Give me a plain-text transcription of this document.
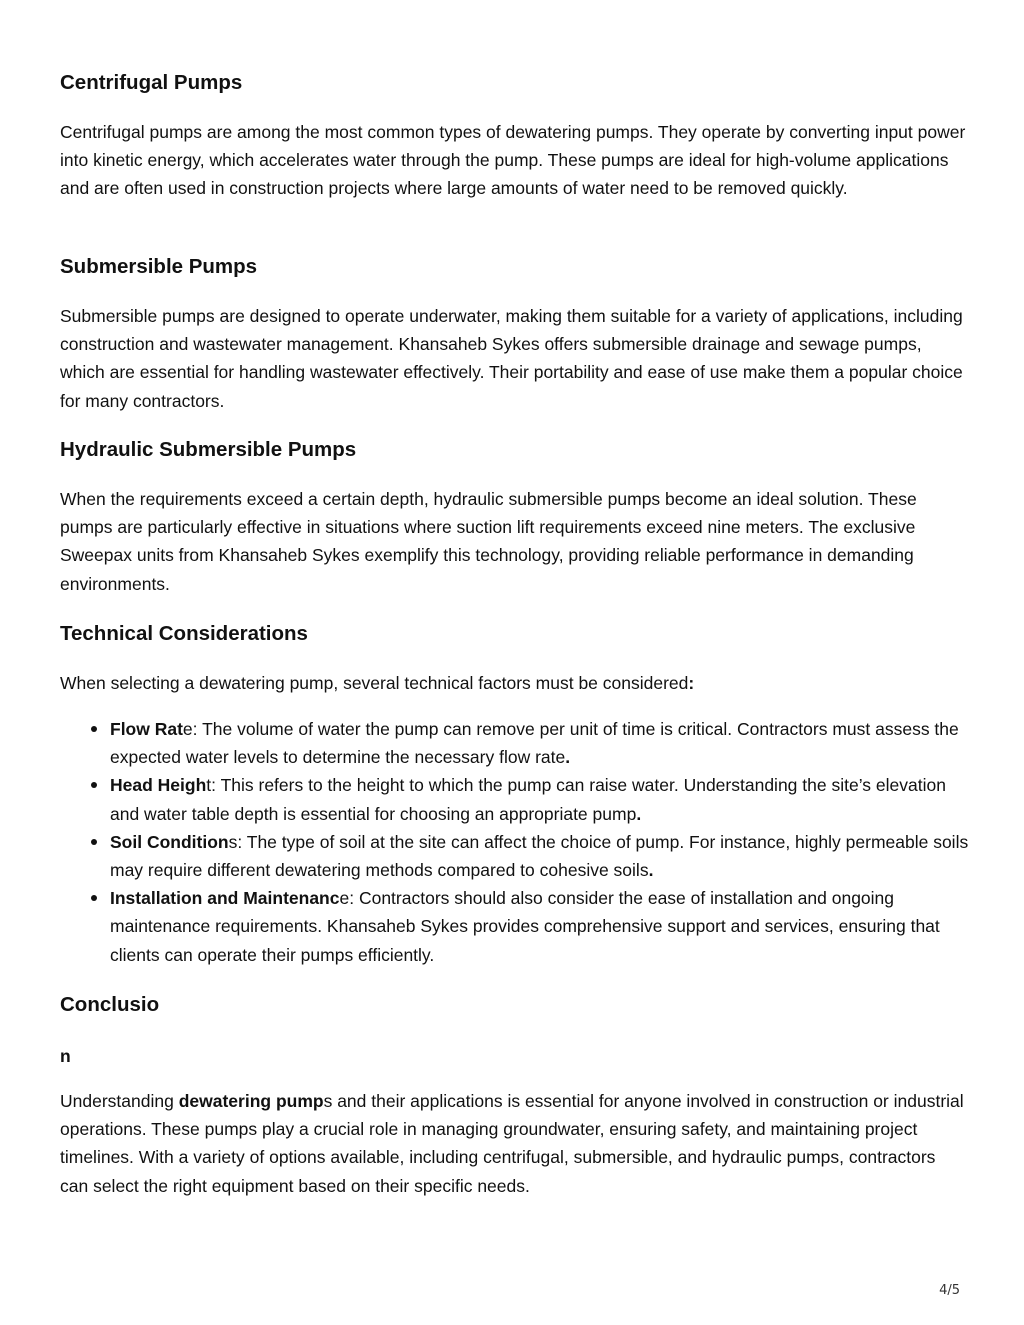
Centrifugal Pumps

Centrifugal pumps are among the most common types of dewatering pumps. They operate by converting input power into kinetic energy, which accelerates water through the pump. These pumps are ideal for high-volume applications and are often used in construction projects where large amounts of water need to be removed quickly.

Submersible Pumps

Submersible pumps are designed to operate underwater, making them suitable for a variety of applications, including construction and wastewater management. Khansaheb Sykes offers submersible drainage and sewage pumps, which are essential for handling wastewater effectively. Their portability and ease of use make them a popular choice for many contractors.

Hydraulic Submersible Pumps

When the requirements exceed a certain depth, hydraulic submersible pumps become an ideal solution. These pumps are particularly effective in situations where suction lift requirements exceed nine meters. The exclusive Sweepax units from Khansaheb Sykes exemplify this technology, providing reliable performance in demanding environments.

Technical Considerations

When selecting a dewatering pump, several technical factors must be considered:

Flow Rate: The volume of water the pump can remove per unit of time is critical. Contractors must assess the expected water levels to determine the necessary flow rate.
Head Height: This refers to the height to which the pump can raise water. Understanding the site’s elevation and water table depth is essential for choosing an appropriate pump.
Soil Conditions: The type of soil at the site can affect the choice of pump. For instance, highly permeable soils may require different dewatering methods compared to cohesive soils.
Installation and Maintenance: Contractors should also consider the ease of installation and ongoing maintenance requirements. Khansaheb Sykes provides comprehensive support and services, ensuring that clients can operate their pumps efficiently.
Conclusio
n

Understanding dewatering pumps and their applications is essential for anyone involved in construction or industrial operations. These pumps play a crucial role in managing groundwater, ensuring safety, and maintaining project timelines. With a variety of options available, including centrifugal, submersible, and hydraulic pumps, contractors can select the right equipment based on their specific needs.

4/5
